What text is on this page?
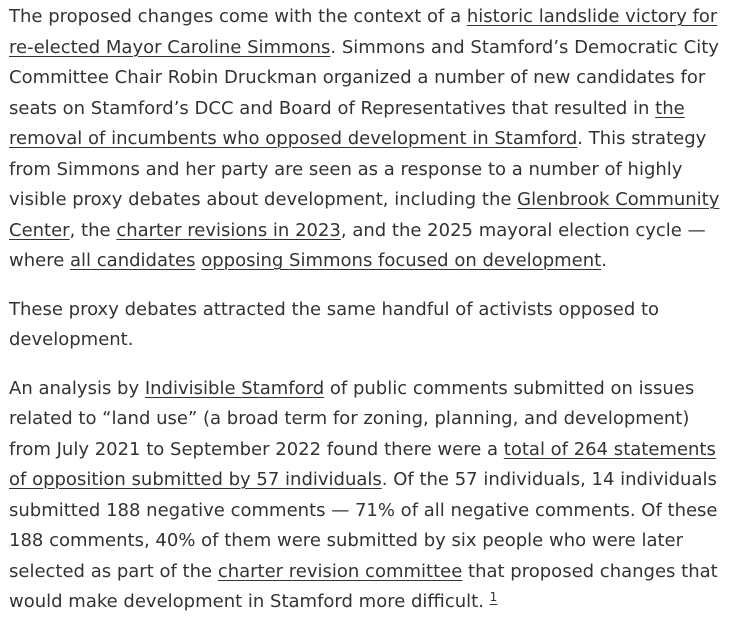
The proposed changes come with the context of a historic landslide victory for re-elected Mayor Caroline Simmons. Simmons and Stamford’s Democratic City Committee Chair Robin Druckman organized a number of new candidates for seats on Stamford’s DCC and Board of Representatives that resulted in the removal of incumbents who opposed development in Stamford. This strategy from Simmons and her party are seen as a response to a number of highly visible proxy debates about development, including the Glenbrook Community Center, the charter revisions in 2023, and the 2025 mayoral election cycle — where all candidates opposing Simmons focused on development.

These proxy debates attracted the same handful of activists opposed to development.

An analysis by Indivisible Stamford of public comments submitted on issues related to “land use” (a broad term for zoning, planning, and development) from July 2021 to September 2022 found there were a total of 264 statements of opposition submitted by 57 individuals. Of the 57 individuals, 14 individuals submitted 188 negative comments — 71% of all negative comments. Of these 188 comments, 40% of them were submitted by six people who were later selected as part of the charter revision committee that proposed changes that would make development in Stamford more difficult. $^1$
